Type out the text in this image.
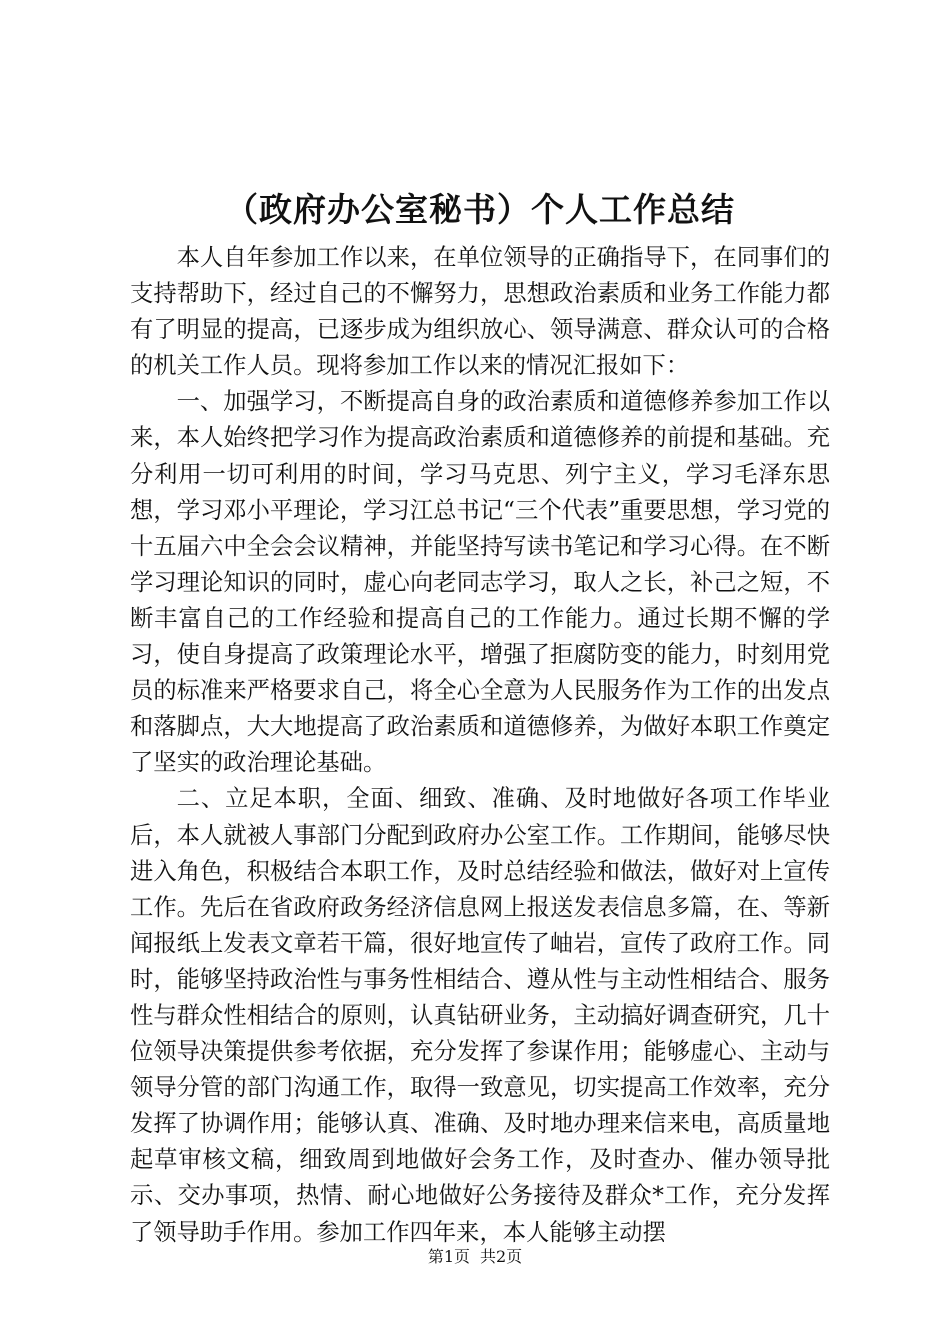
（政府办公室秘书）个人工作总结

本人自年参加工作以来，在单位领导的正确指导下，在同事们的支持帮助下，经过自己的不懈努力，思想政治素质和业务工作能力都有了明显的提高，已逐步成为组织放心、领导满意、群众认可的合格的机关工作人员。现将参加工作以来的情况汇报如下：

一、加强学习，不断提高自身的政治素质和道德修养参加工作以来，本人始终把学习作为提高政治素质和道德修养的前提和基础。充分利用一切可利用的时间，学习马克思、列宁主义，学习毛泽东思想，学习邓小平理论，学习江总书记“三个代表”重要思想，学习党的十五届六中全会会议精神，并能坚持写读书笔记和学习心得。在不断学习理论知识的同时，虚心向老同志学习，取人之长，补己之短，不断丰富自己的工作经验和提高自己的工作能力。通过长期不懈的学习，使自身提高了政策理论水平，增强了拒腐防变的能力，时刻用党员的标准来严格要求自己，将全心全意为人民服务作为工作的出发点和落脚点，大大地提高了政治素质和道德修养，为做好本职工作奠定了坚实的政治理论基础。

二、立足本职，全面、细致、准确、及时地做好各项工作毕业后，本人就被人事部门分配到政府办公室工作。工作期间，能够尽快进入角色，积极结合本职工作，及时总结经验和做法，做好对上宣传工作。先后在省政府政务经济信息网上报送发表信息多篇，在、等新闻报纸上发表文章若干篇，很好地宣传了岫岩，宣传了政府工作。同时，能够坚持政治性与事务性相结合、遵从性与主动性相结合、服务性与群众性相结合的原则，认真钻研业务，主动搞好调查研究，几十位领导决策提供参考依据，充分发挥了参谋作用；能够虚心、主动与领导分管的部门沟通工作，取得一致意见，切实提高工作效率，充分发挥了协调作用；能够认真、准确、及时地办理来信来电，高质量地起草审核文稿，细致周到地做好会务工作，及时查办、催办领导批示、交办事项，热情、耐心地做好公务接待及群众*工作，充分发挥了领导助手作用。参加工作四年来，本人能够主动摆

第1页 共2页
